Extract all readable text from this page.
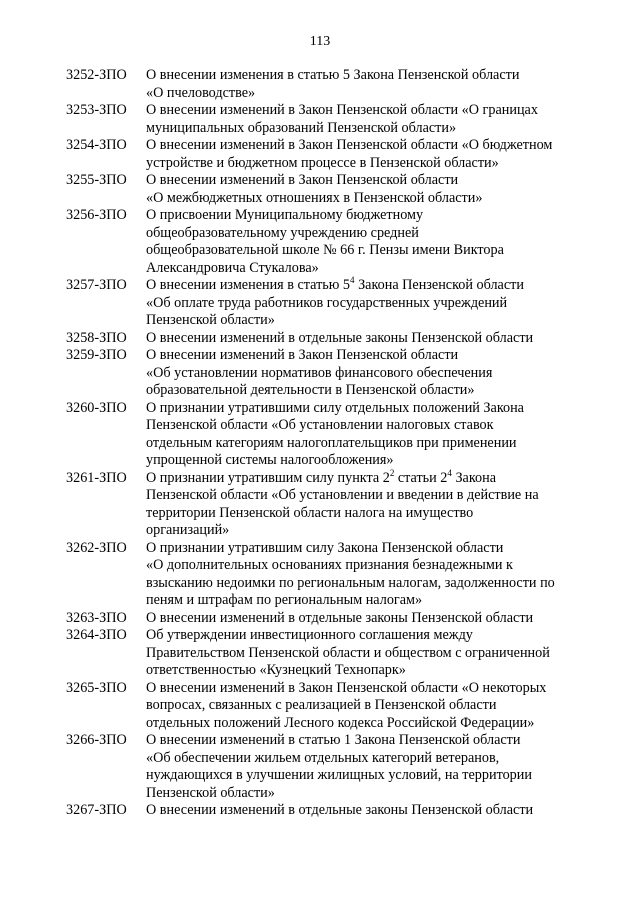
113
3252-ЗПО	О внесении изменения в статью 5 Закона Пензенской области
«О пчеловодстве»
3253-ЗПО	О внесении изменений в Закон Пензенской области «О границах
муниципальных образований Пензенской области»
3254-ЗПО	О внесении изменений в Закон Пензенской области «О бюджетном
устройстве и бюджетном процессе в Пензенской области»
3255-ЗПО	О внесении изменений в Закон Пензенской области
«О межбюджетных отношениях в Пензенской области»
3256-ЗПО	О присвоении Муниципальному бюджетному
общеобразовательному учреждению средней
общеобразовательной школе № 66 г. Пензы имени Виктора
Александровича Стукалова»
3257-ЗПО	О внесении изменения в статью $5^4$ Закона Пензенской области
«Об оплате труда работников государственных учреждений
Пензенской области»
3258-ЗПО	О внесении изменений в отдельные законы Пензенской области
3259-ЗПО	О внесении изменений в Закон Пензенской области
«Об установлении нормативов финансового обеспечения
образовательной деятельности в Пензенской области»
3260-ЗПО	О признании утратившими силу отдельных положений Закона
Пензенской области «Об установлении налоговых ставок
отдельным категориям налогоплательщиков при применении
упрощенной системы налогообложения»
3261-ЗПО	О признании утратившим силу пункта $2^2$ статьи $2^4$ Закона
Пензенской области «Об установлении и введении в действие на
территории Пензенской области налога на имущество
организаций»
3262-ЗПО	О признании утратившим силу Закона Пензенской области
«О дополнительных основаниях признания безнадежными к
взысканию недоимки по региональным налогам, задолженности по
пеням и штрафам по региональным налогам»
3263-ЗПО	О внесении изменений в отдельные законы Пензенской области
3264-ЗПО	Об утверждении инвестиционного соглашения между
Правительством Пензенской области и обществом с ограниченной
ответственностью «Кузнецкий Технопарк»
3265-ЗПО	О внесении изменений в Закон Пензенской области «О некоторых
вопросах, связанных с реализацией в Пензенской области
отдельных положений Лесного кодекса Российской Федерации»
3266-ЗПО	О внесении изменений в статью 1 Закона Пензенской области
«Об обеспечении жильем отдельных категорий ветеранов,
нуждающихся в улучшении жилищных условий, на территории
Пензенской области»
3267-ЗПО	О внесении изменений в отдельные законы Пензенской области
